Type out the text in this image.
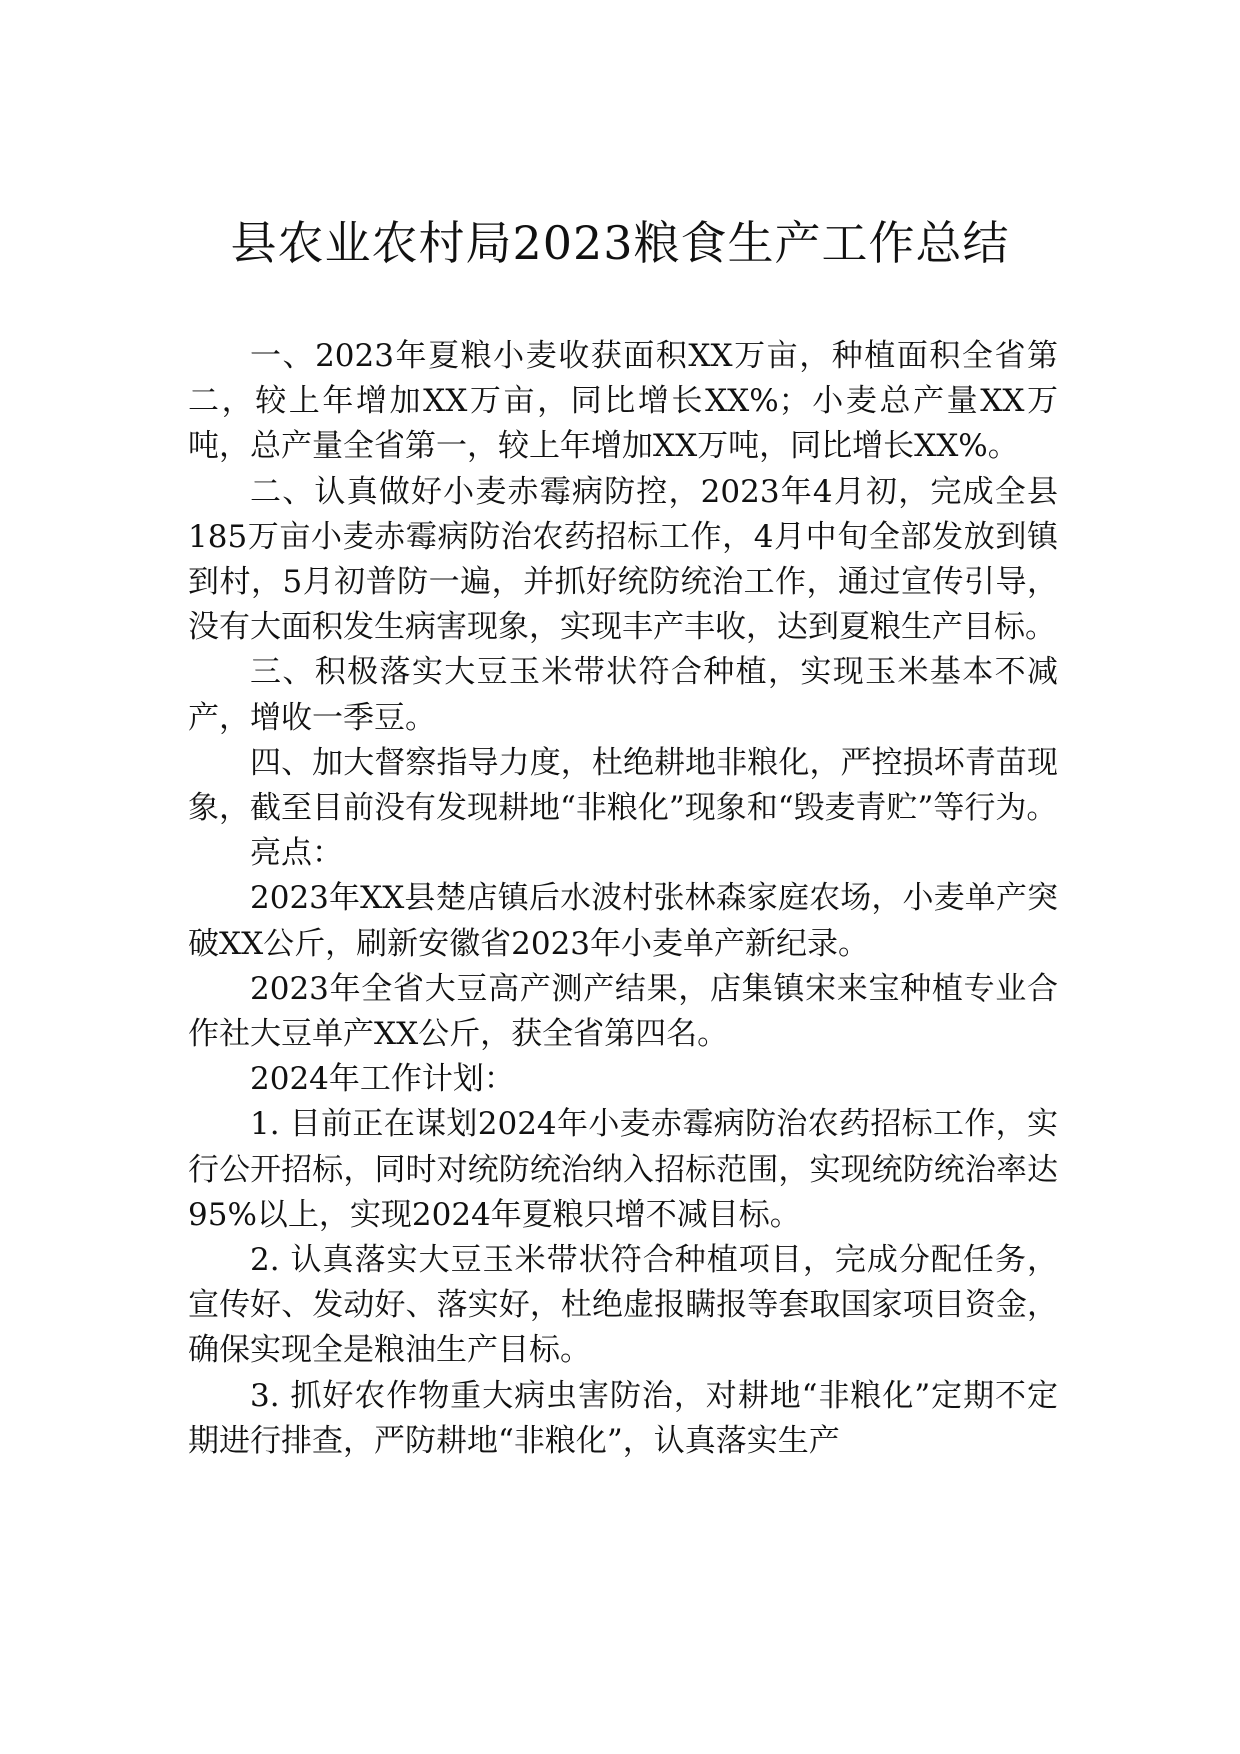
县农业农村局2023粮食生产工作总结

一、2023年夏粮小麦收获面积XX万亩，种植面积全省第二，较上年增加XX万亩，同比增长XX%；小麦总产量XX万吨，总产量全省第一，较上年增加XX万吨，同比增长XX%。

二、认真做好小麦赤霉病防控，2023年4月初，完成全县185万亩小麦赤霉病防治农药招标工作，4月中旬全部发放到镇到村，5月初普防一遍，并抓好统防统治工作，通过宣传引导，没有大面积发生病害现象，实现丰产丰收，达到夏粮生产目标。

三、积极落实大豆玉米带状符合种植，实现玉米基本不减产，增收一季豆。

四、加大督察指导力度，杜绝耕地非粮化，严控损坏青苗现象，截至目前没有发现耕地“非粮化”现象和“毁麦青贮”等行为。

亮点：

2023年XX县楚店镇后水波村张林森家庭农场，小麦单产突破XX公斤，刷新安徽省2023年小麦单产新纪录。

2023年全省大豆高产测产结果，店集镇宋来宝种植专业合作社大豆单产XX公斤，获全省第四名。

2024年工作计划：

1. 目前正在谋划2024年小麦赤霉病防治农药招标工作，实行公开招标，同时对统防统治纳入招标范围，实现统防统治率达95%以上，实现2024年夏粮只增不减目标。

2. 认真落实大豆玉米带状符合种植项目，完成分配任务，宣传好、发动好、落实好，杜绝虚报瞒报等套取国家项目资金，确保实现全是粮油生产目标。

3. 抓好农作物重大病虫害防治，对耕地“非粮化”定期不定期进行排查，严防耕地“非粮化”，认真落实生产
